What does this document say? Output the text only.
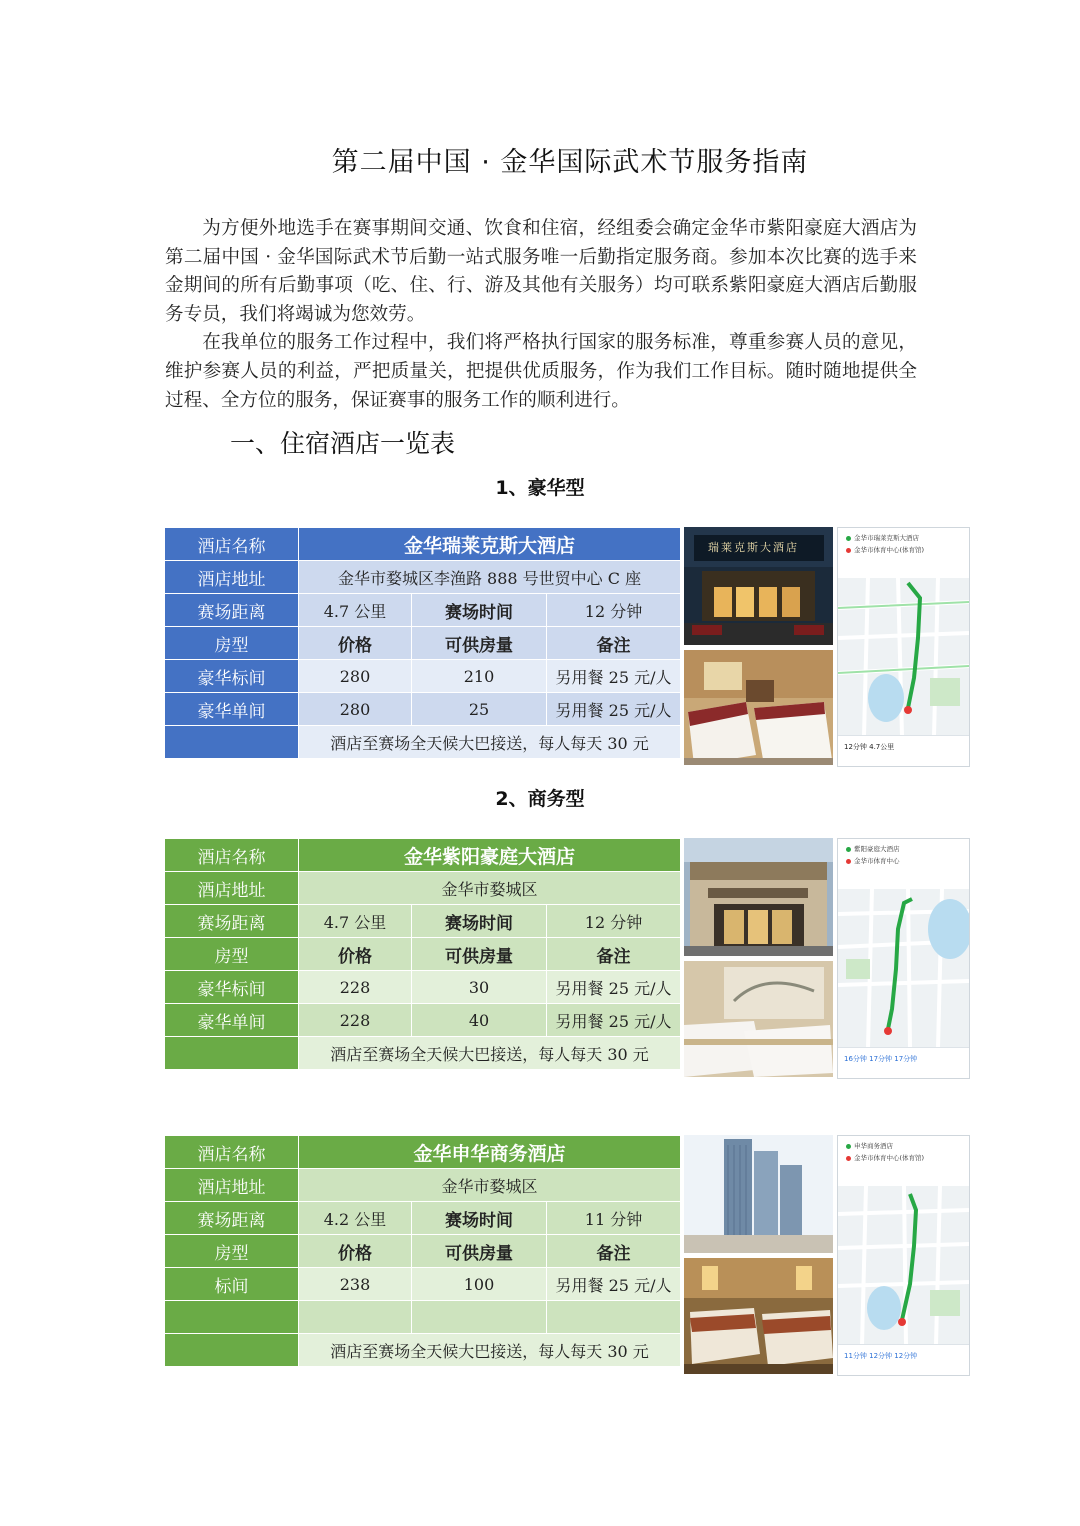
第二届中国 · 金华国际武术节服务指南

为方便外地选手在赛事期间交通、饮食和住宿，经组委会确定金华市紫阳豪庭大酒店为第二届中国 · 金华国际武术节后勤一站式服务唯一后勤指定服务商。参加本次比赛的选手来金期间的所有后勤事项（吃、住、行、游及其他有关服务）均可联系紫阳豪庭大酒店后勤服务专员，我们将竭诚为您效劳。

在我单位的服务工作过程中，我们将严格执行国家的服务标准，尊重参赛人员的意见，维护参赛人员的利益，严把质量关，把提供优质服务，作为我们工作目标。随时随地提供全过程、全方位的服务，保证赛事的服务工作的顺利进行。

一、住宿酒店一览表
1、豪华型
2、商务型
酒店名称	金华瑞莱克斯大酒店		
酒店地址	金华市婺城区李渔路 888 号世贸中心 C 座		
赛场距离	4.7 公里	赛场时间	12 分钟
房型	价格	可供房量	备注
豪华标间	280	210	另用餐 25 元/人
豪华单间	280	25	另用餐 25 元/人
	酒店至赛场全天候大巴接送，每人每天 30 元		
瑞莱克斯大酒店
金华市瑞莱克斯大酒店
金华市体育中心(体育馆)
12分钟 4.7公里
酒店名称	金华紫阳豪庭大酒店		
酒店地址	金华市婺城区		
赛场距离	4.7 公里	赛场时间	12 分钟
房型	价格	可供房量	备注
豪华标间	228	30	另用餐 25 元/人
豪华单间	228	40	另用餐 25 元/人
	酒店至赛场全天候大巴接送，每人每天 30 元		
紫阳豪庭大酒店
金华市体育中心
16分钟 17分钟 17分钟
酒店名称	金华申华商务酒店		
酒店地址	金华市婺城区		
赛场距离	4.2 公里	赛场时间	11 分钟
房型	价格	可供房量	备注
标间	238	100	另用餐 25 元/人

	酒店至赛场全天候大巴接送，每人每天 30 元		
申华商务酒店
金华市体育中心(体育馆)
11分钟 12分钟 12分钟
